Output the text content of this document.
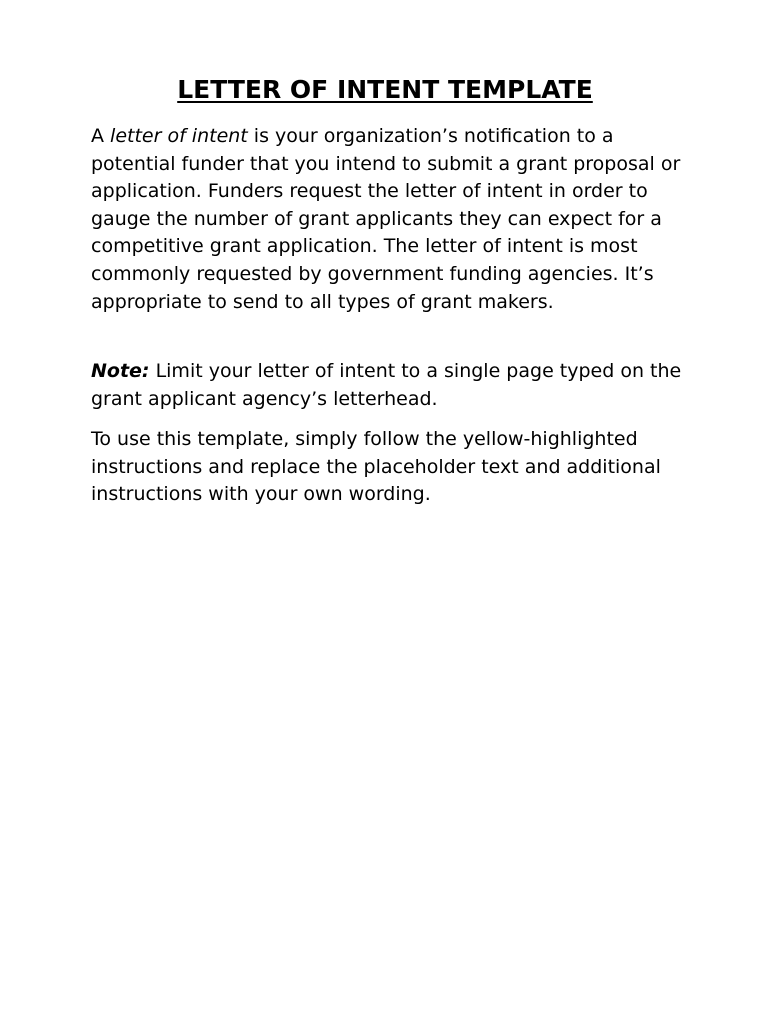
LETTER OF INTENT TEMPLATE

A letter of intent is your organization’s notification to a potential funder that you intend to submit a grant proposal or application. Funders request the letter of intent in order to gauge the number of grant applicants they can expect for a competitive grant application. The letter of intent is most commonly requested by government funding agencies. It’s appropriate to send to all types of grant makers.

Note: Limit your letter of intent to a single page typed on the grant applicant agency’s letterhead.

To use this template, simply follow the yellow-highlighted instructions and replace the placeholder text and additional instructions with your own wording.
